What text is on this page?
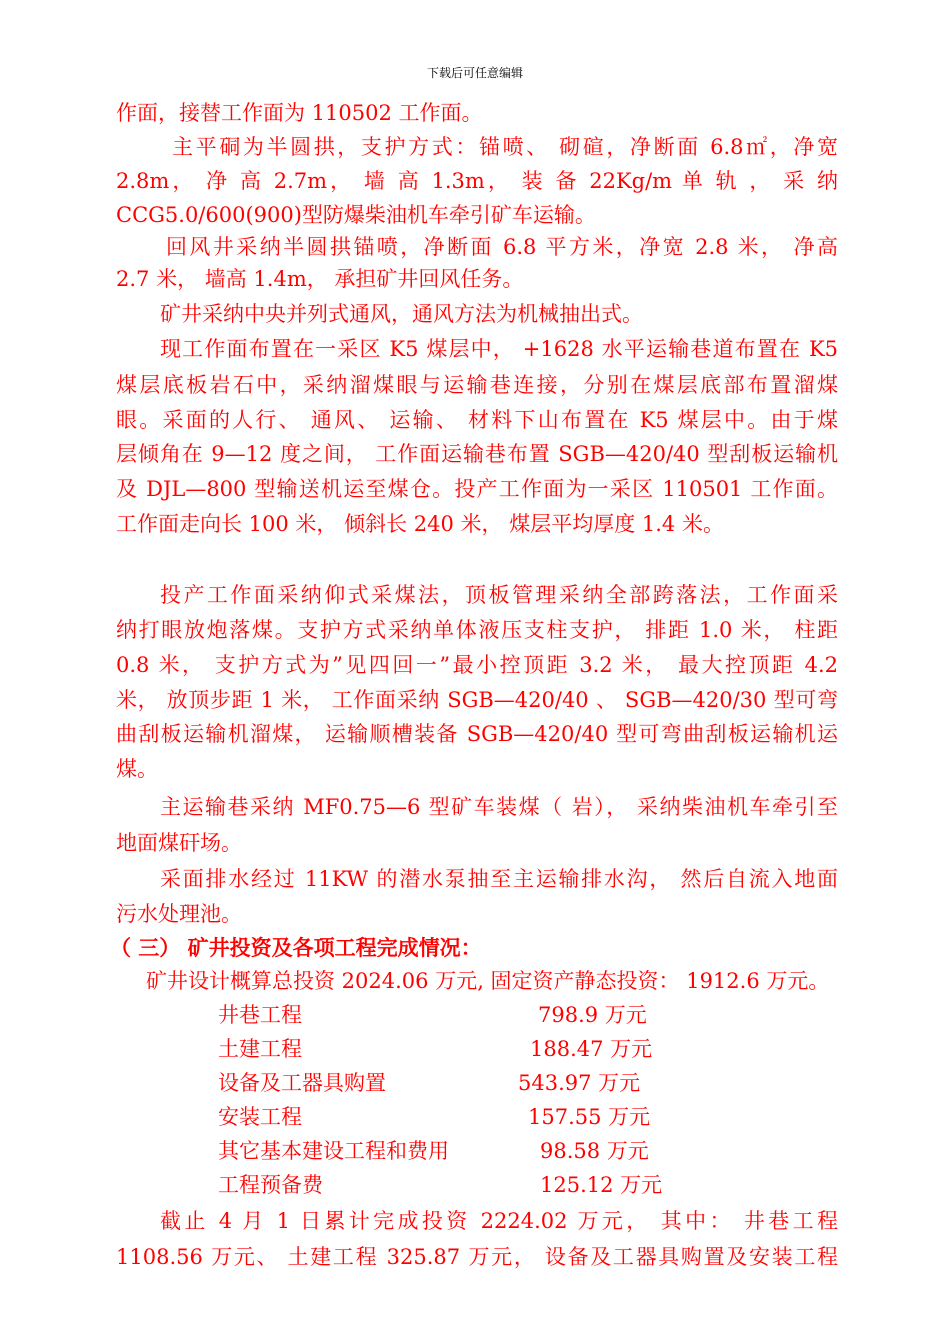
下载后可任意编辑
作面，接替工作面为 110502 工作面。
主平硐为半圆拱，支护方式：锚喷、 砌碹，净断面 6.8㎡，净宽
2.8m， 净 高 2.7m， 墙 高 1.3m， 装 备 22Kg/m 单 轨 ， 采 纳
CCG5.0/600(900)型防爆柴油机车牵引矿车运输。
回风井采纳半圆拱锚喷，净断面 6.8 平方米，净宽 2.8 米， 净高
2.7 米， 墙高 1.4m， 承担矿井回风任务。
矿井采纳中央并列式通风，通风方法为机械抽出式。
现工作面布置在一采区 K5 煤层中， +1628 水平运输巷道布置在 K5
煤层底板岩石中，采纳溜煤眼与运输巷连接，分别在煤层底部布置溜煤
眼。采面的人行、 通风、 运输、 材料下山布置在 K5 煤层中。由于煤
层倾角在 9—12 度之间， 工作面运输巷布置 SGB—420/40 型刮板运输机
及 DJL—800 型输送机运至煤仓。投产工作面为一采区 110501 工作面。
工作面走向长 100 米， 倾斜长 240 米， 煤层平均厚度 1.4 米。
投产工作面采纳仰式采煤法，顶板管理采纳全部跨落法，工作面采
纳打眼放炮落煤。支护方式采纳单体液压支柱支护， 排距 1.0 米， 柱距
0.8 米， 支护方式为”见四回一”最小控顶距 3.2 米， 最大控顶距 4.2
米， 放顶步距 1 米， 工作面采纳 SGB—420/40 、 SGB—420/30 型可弯
曲刮板运输机溜煤， 运输顺槽装备 SGB—420/40 型可弯曲刮板运输机运
煤。
主运输巷采纳 MF0.75—6 型矿车装煤（ 岩）， 采纳柴油机车牵引至
地面煤矸场。
采面排水经过 11KW 的潜水泵抽至主运输排水沟， 然后自流入地面
污水处理池。
（ 三） 矿井投资及各项工程完成情况：
矿井设计概算总投资 2024.06 万元, 固定资产静态投资： 1912.6 万元。
井巷工程	798.9 万元
土建工程	188.47 万元
设备及工器具购置	543.97 万元
安装工程	157.55 万元
其它基本建设工程和费用	98.58 万元
工程预备费	125.12 万元
截止 4 月 1 日累计完成投资 2224.02 万元， 其中： 井巷工程
1108.56 万元、 土建工程 325.87 万元， 设备及工器具购置及安装工程
